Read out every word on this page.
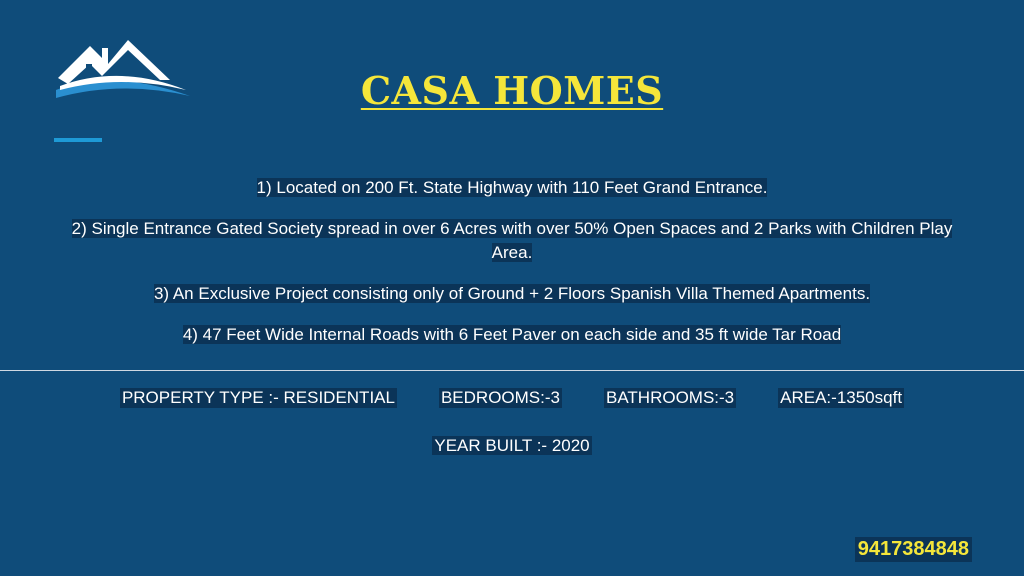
CASA HOMES
1) Located on 200 Ft. State Highway with 110 Feet Grand Entrance.
2) Single Entrance Gated Society spread in over 6 Acres with over 50% Open Spaces and 2 Parks with Children Play Area.
3) An Exclusive Project consisting only of Ground + 2 Floors Spanish Villa Themed Apartments.
4) 47 Feet Wide Internal Roads with 6 Feet Paver on each side and 35 ft wide Tar Road
PROPERTY TYPE :- RESIDENTIAL	BEDROOMS:-3	BATHROOMS:-3	AREA:-1350sqft
YEAR BUILT :- 2020
9417384848
